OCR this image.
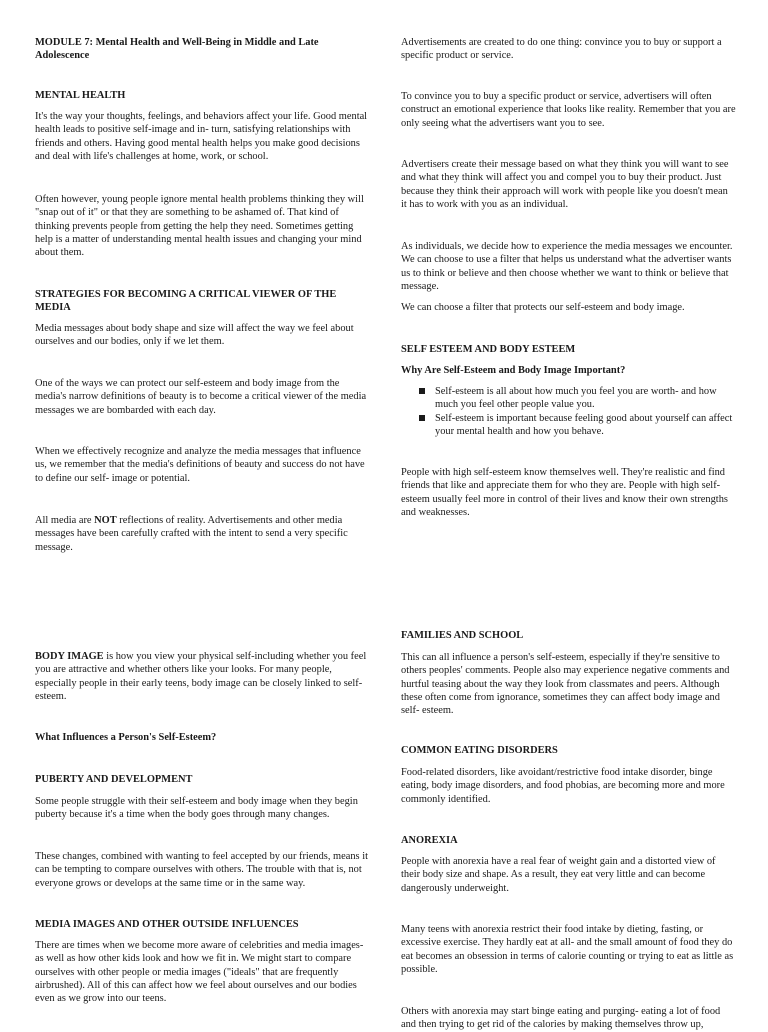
MODULE 7: Mental Health and Well-Being in Middle and Late Adolescence

MENTAL HEALTH

It's the way your thoughts, feelings, and behaviors affect your life. Good mental health leads to positive self-image and in- turn, satisfying relationships with friends and others. Having good mental health helps you make good decisions and deal with life's challenges at home, work, or school.

Often however, young people ignore mental health problems thinking they will "snap out of it" or that they are something to be ashamed of. That kind of thinking prevents people from getting the help they need. Sometimes getting help is a matter of understanding mental health issues and changing your mind about them.

STRATEGIES FOR BECOMING A CRITICAL VIEWER OF THE MEDIA

Media messages about body shape and size will affect the way we feel about ourselves and our bodies, only if we let them.

One of the ways we can protect our self-esteem and body image from the media's narrow definitions of beauty is to become a critical viewer of the media messages we are bombarded with each day.

When we effectively recognize and analyze the media messages that influence us, we remember that the media's definitions of beauty and success do not have to define our self- image or potential.

All media are NOT reflections of reality. Advertisements and other media messages have been carefully crafted with the intent to send a very specific message.

BODY IMAGE is how you view your physical self-including whether you feel you are attractive and whether others like your looks. For many people, especially people in their early teens, body image can be closely linked to self-esteem.

What Influences a Person's Self-Esteem?

PUBERTY AND DEVELOPMENT

Some people struggle with their self-esteem and body image when they begin puberty because it's a time when the body goes through many changes.

These changes, combined with wanting to feel accepted by our friends, means it can be tempting to compare ourselves with others. The trouble with that is, not everyone grows or develops at the same time or in the same way.

MEDIA IMAGES AND OTHER OUTSIDE INFLUENCES

There are times when we become more aware of celebrities and media images-as well as how other kids look and how we fit in. We might start to compare ourselves with other people or media images ("ideals" that are frequently airbrushed). All of this can affect how we feel about ourselves and our bodies even as we grow into our teens.

Advertisements are created to do one thing: convince you to buy or support a specific product or service.

To convince you to buy a specific product or service, advertisers will often construct an emotional experience that looks like reality. Remember that you are only seeing what the advertisers want you to see.

Advertisers create their message based on what they think you will want to see and what they think will affect you and compel you to buy their product. Just because they think their approach will work with people like you doesn't mean it has to work with you as an individual.

As individuals, we decide how to experience the media messages we encounter. We can choose to use a filter that helps us understand what the advertiser wants us to think or believe and then choose whether we want to think or believe that message.

We can choose a filter that protects our self-esteem and body image.

SELF ESTEEM AND BODY ESTEEM

Why Are Self-Esteem and Body Image Important?

Self-esteem is all about how much you feel you are worth- and how much you feel other people value you.
Self-esteem is important because feeling good about yourself can affect your mental health and how you behave.

People with high self-esteem know themselves well. They're realistic and find friends that like and appreciate them for who they are. People with high self-esteem usually feel more in control of their lives and know their own strengths and weaknesses.

FAMILIES AND SCHOOL

This can all influence a person's self-esteem, especially if they're sensitive to others peoples' comments. People also may experience negative comments and hurtful teasing about the way they look from classmates and peers. Although these often come from ignorance, sometimes they can affect body image and self- esteem.

COMMON EATING DISORDERS

Food-related disorders, like avoidant/restrictive food intake disorder, binge eating, body image disorders, and food phobias, are becoming more and more commonly identified.

ANOREXIA

People with anorexia have a real fear of weight gain and a distorted view of their body size and shape. As a result, they eat very little and can become dangerously underweight.

Many teens with anorexia restrict their food intake by dieting, fasting, or excessive exercise. They hardly eat at all- and the small amount of food they do eat becomes an obsession in terms of calorie counting or trying to eat as little as possible.

Others with anorexia may start binge eating and purging- eating a lot of food and then trying to get rid of the calories by making themselves throw up,
